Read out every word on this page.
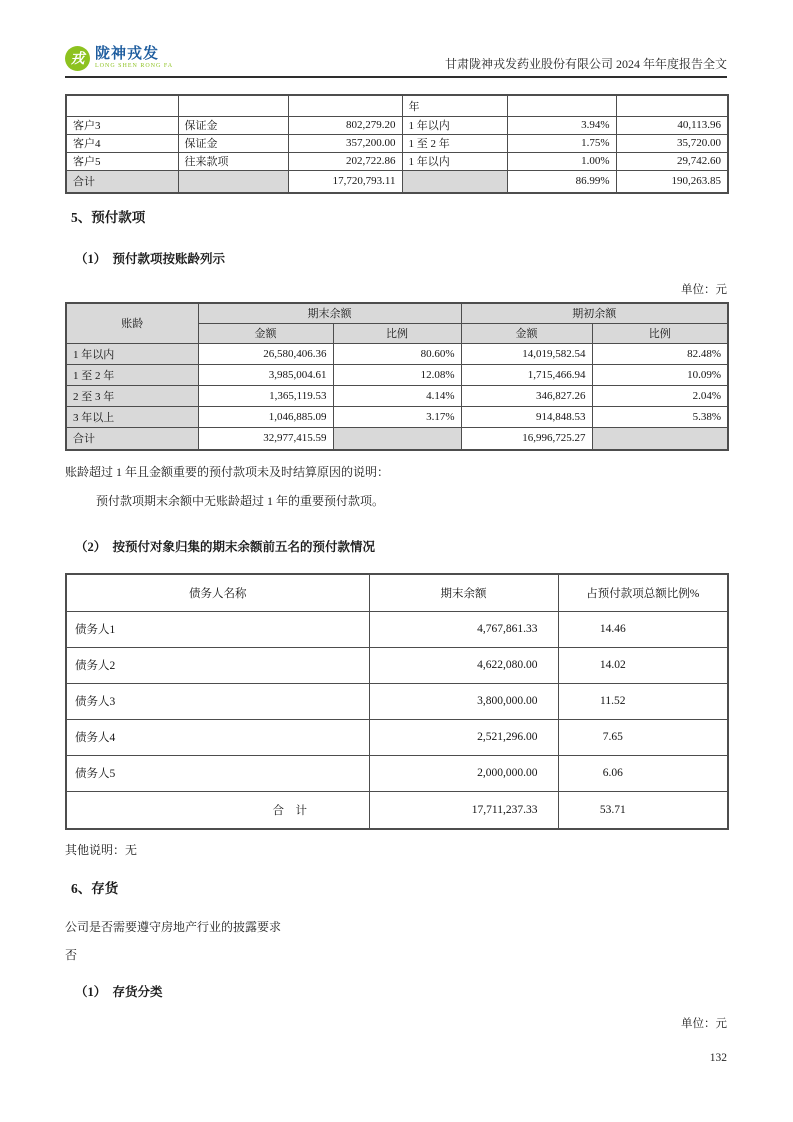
戎 陇神戎发
LONG SHEN RONG FA	甘肃陇神戎发药业股份有限公司 2024 年年度报告全文
			年		
客户3	保证金	802,279.20	1 年以内	3.94%	40,113.96
客户4	保证金	357,200.00	1 至 2 年	1.75%	35,720.00
客户5	往来款项	202,722.86	1 年以内	1.00%	29,742.60
合计		17,720,793.11		86.99%	190,263.85
5、预付款项
（1）　预付款项按账龄列示
单位：元
账龄	期末余额		期初余额	
	金额	比例	金额	比例
1 年以内	26,580,406.36	80.60%	14,019,582.54	82.48%
1 至 2 年	3,985,004.61	12.08%	1,715,466.94	10.09%
2 至 3 年	1,365,119.53	4.14%	346,827.26	2.04%
3 年以上	1,046,885.09	3.17%	914,848.53	5.38%
合计	32,977,415.59		16,996,725.27	
账龄超过 1 年且金额重要的预付款项未及时结算原因的说明：
预付款项期末余额中无账龄超过 1 年的重要预付款项。
（2）　按预付对象归集的期末余额前五名的预付款情况
债务人名称	期末余额	占预付款项总额比例%
债务人1	4,767,861.33	14.46
债务人2	4,622,080.00	14.02
债务人3	3,800,000.00	11.52
债务人4	2,521,296.00	7.65
债务人5	2,000,000.00	6.06
合　计	17,711,237.33	53.71
其他说明：无
6、存货
公司是否需要遵守房地产行业的披露要求
否
（1）　存货分类
单位：元
132
